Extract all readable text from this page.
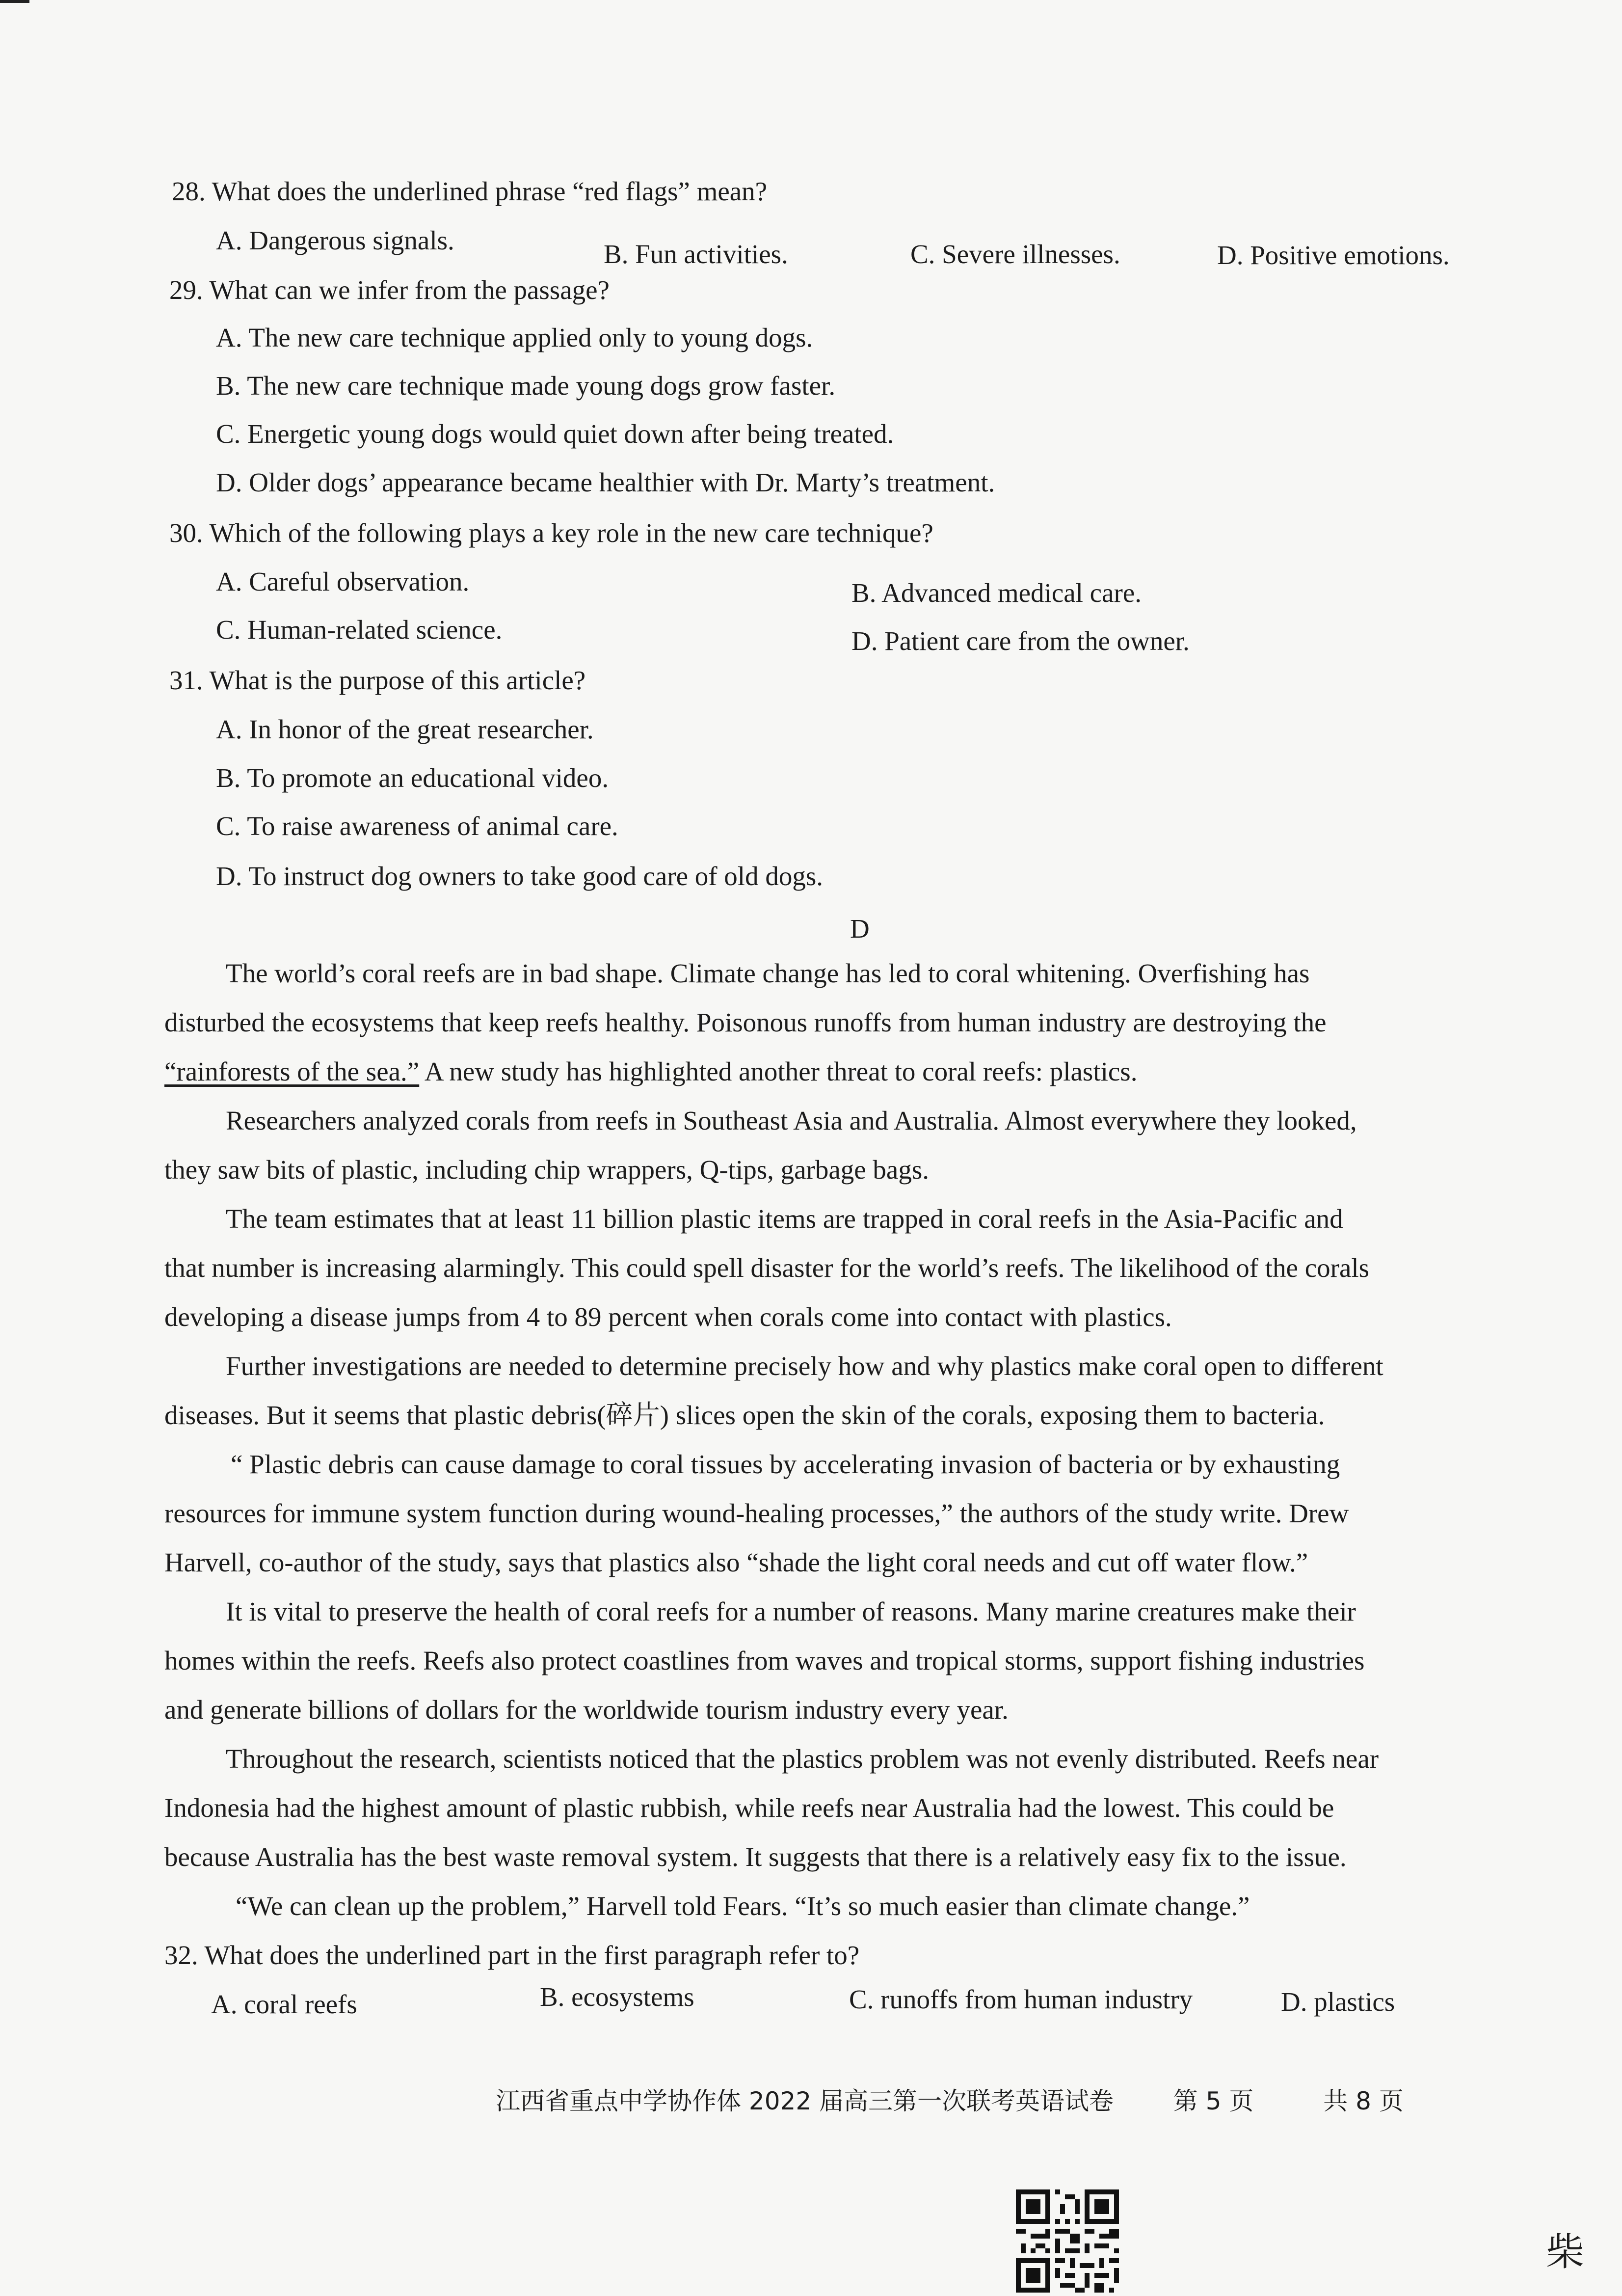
28. What does the underlined phrase “red flags” mean?
A. Dangerous signals.	B. Fun activities.	C. Severe illnesses.	D. Positive emotions.
29. What can we infer from the passage?
A. The new care technique applied only to young dogs.
B. The new care technique made young dogs grow faster.
C. Energetic young dogs would quiet down after being treated.
D. Older dogs’ appearance became healthier with Dr. Marty’s treatment.
30. Which of the following plays a key role in the new care technique?
A. Careful observation.	B. Advanced medical care.
C. Human-related science.	D. Patient care from the owner.
31. What is the purpose of this article?
A. In honor of the great researcher.
B. To promote an educational video.
C. To raise awareness of animal care.
D. To instruct dog owners to take good care of old dogs.
D
The world’s coral reefs are in bad shape. Climate change has led to coral whitening. Overfishing has
disturbed the ecosystems that keep reefs healthy. Poisonous runoffs from human industry are destroying the
“rainforests of the sea.” A new study has highlighted another threat to coral reefs: plastics.
Researchers analyzed corals from reefs in Southeast Asia and Australia. Almost everywhere they looked,
they saw bits of plastic, including chip wrappers, Q-tips, garbage bags.
The team estimates that at least 11 billion plastic items are trapped in coral reefs in the Asia-Pacific and
that number is increasing alarmingly. This could spell disaster for the world’s reefs. The likelihood of the corals
developing a disease jumps from 4 to 89 percent when corals come into contact with plastics.
Further investigations are needed to determine precisely how and why plastics make coral open to different
diseases. But it seems that plastic debris(碎片) slices open the skin of the corals, exposing them to bacteria.
“ Plastic debris can cause damage to coral tissues by accelerating invasion of bacteria or by exhausting
resources for immune system function during wound-healing processes,” the authors of the study write. Drew
Harvell, co-author of the study, says that plastics also “shade the light coral needs and cut off water flow.”
It is vital to preserve the health of coral reefs for a number of reasons. Many marine creatures make their
homes within the reefs. Reefs also protect coastlines from waves and tropical storms, support fishing industries
and generate billions of dollars for the worldwide tourism industry every year.
Throughout the research, scientists noticed that the plastics problem was not evenly distributed. Reefs near
Indonesia had the highest amount of plastic rubbish, while reefs near Australia had the lowest. This could be
because Australia has the best waste removal system. It suggests that there is a relatively easy fix to the issue.
“We can clean up the problem,” Harvell told Fears. “It’s so much easier than climate change.”
32. What does the underlined part in the first paragraph refer to?
A. coral reefs	B. ecosystems	C. runoffs from human industry	D. plastics
江西省重点中学协作体 2022 届高三第一次联考英语试卷 第 5 页	共 8 页
柴
